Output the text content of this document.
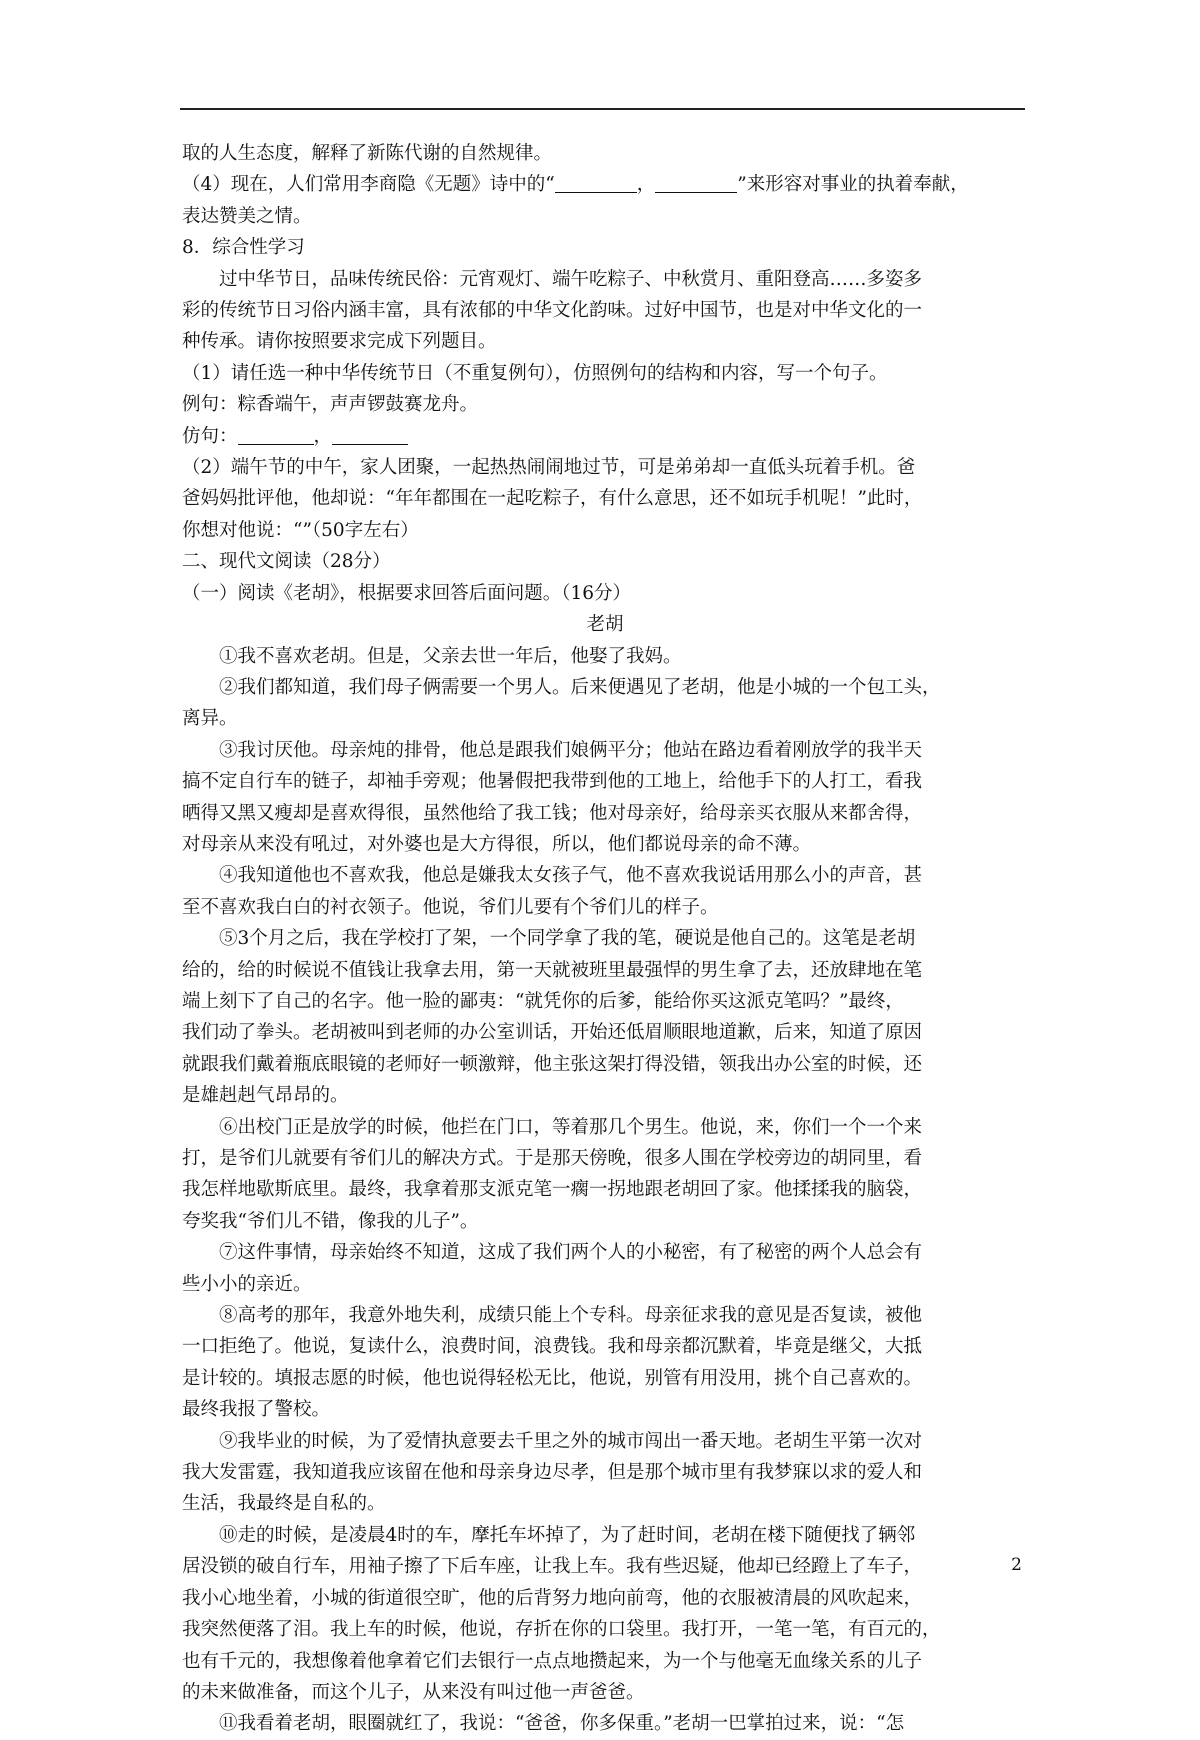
取的人生态度，解释了新陈代谢的自然规律。

（4）现在，人们常用李商隐《无题》诗中的“	，	”来形容对事业的执着奉献，

表达赞美之情。

8．综合性学习

过中华节日，品味传统民俗：元宵观灯、端午吃粽子、中秋赏月、重阳登高……多姿多

彩的传统节日习俗内涵丰富，具有浓郁的中华文化韵味。过好中国节，也是对中华文化的一

种传承。请你按照要求完成下列题目。

（1）请任选一种中华传统节日（不重复例句），仿照例句的结构和内容，写一个句子。

例句：粽香端午，声声锣鼓赛龙舟。

仿句：	，

（2）端午节的中午，家人团聚，一起热热闹闹地过节，可是弟弟却一直低头玩着手机。爸

爸妈妈批评他，他却说：“年年都围在一起吃粽子，有什么意思，还不如玩手机呢！”此时，

你想对他说：“”（50字左右）

二、现代文阅读（28分）

（一）阅读《老胡》，根据要求回答后面问题。（16分）

老胡

①我不喜欢老胡。但是，父亲去世一年后，他娶了我妈。

②我们都知道，我们母子俩需要一个男人。后来便遇见了老胡，他是小城的一个包工头，

离异。

③我讨厌他。母亲炖的排骨，他总是跟我们娘俩平分；他站在路边看着刚放学的我半天

搞不定自行车的链子，却袖手旁观；他暑假把我带到他的工地上，给他手下的人打工，看我

晒得又黑又瘦却是喜欢得很，虽然他给了我工钱；他对母亲好，给母亲买衣服从来都舍得，

对母亲从来没有吼过，对外婆也是大方得很，所以，他们都说母亲的命不薄。

④我知道他也不喜欢我，他总是嫌我太女孩子气，他不喜欢我说话用那么小的声音，甚

至不喜欢我白白的衬衣领子。他说，爷们儿要有个爷们儿的样子。

⑤3个月之后，我在学校打了架，一个同学拿了我的笔，硬说是他自己的。这笔是老胡

给的，给的时候说不值钱让我拿去用，第一天就被班里最强悍的男生拿了去，还放肆地在笔

端上刻下了自己的名字。他一脸的鄙夷：“就凭你的后爹，能给你买这派克笔吗？”最终，

我们动了拳头。老胡被叫到老师的办公室训话，开始还低眉顺眼地道歉，后来，知道了原因

就跟我们戴着瓶底眼镜的老师好一顿激辩，他主张这架打得没错，领我出办公室的时候，还

是雄赳赳气昂昂的。

⑥出校门正是放学的时候，他拦在门口，等着那几个男生。他说，来，你们一个一个来

打，是爷们儿就要有爷们儿的解决方式。于是那天傍晚，很多人围在学校旁边的胡同里，看

我怎样地歇斯底里。最终，我拿着那支派克笔一瘸一拐地跟老胡回了家。他揉揉我的脑袋，

夸奖我“爷们儿不错，像我的儿子”。

⑦这件事情，母亲始终不知道，这成了我们两个人的小秘密，有了秘密的两个人总会有

些小小的亲近。

⑧高考的那年，我意外地失利，成绩只能上个专科。母亲征求我的意见是否复读，被他

一口拒绝了。他说，复读什么，浪费时间，浪费钱。我和母亲都沉默着，毕竟是继父，大抵

是计较的。填报志愿的时候，他也说得轻松无比，他说，别管有用没用，挑个自己喜欢的。

最终我报了警校。

⑨我毕业的时候，为了爱情执意要去千里之外的城市闯出一番天地。老胡生平第一次对

我大发雷霆，我知道我应该留在他和母亲身边尽孝，但是那个城市里有我梦寐以求的爱人和

生活，我最终是自私的。

⑩走的时候，是凌晨4时的车，摩托车坏掉了，为了赶时间，老胡在楼下随便找了辆邻

居没锁的破自行车，用袖子擦了下后车座，让我上车。我有些迟疑，他却已经蹬上了车子，

我小心地坐着，小城的街道很空旷，他的后背努力地向前弯，他的衣服被清晨的风吹起来，

我突然便落了泪。我上车的时候，他说，存折在你的口袋里。我打开，一笔一笔，有百元的，

也有千元的，我想像着他拿着它们去银行一点点地攒起来，为一个与他毫无血缘关系的儿子

的未来做准备，而这个儿子，从来没有叫过他一声爸爸。

⑪我看着老胡，眼圈就红了，我说：“爸爸，你多保重。”老胡一巴掌拍过来，说：“怎

2
